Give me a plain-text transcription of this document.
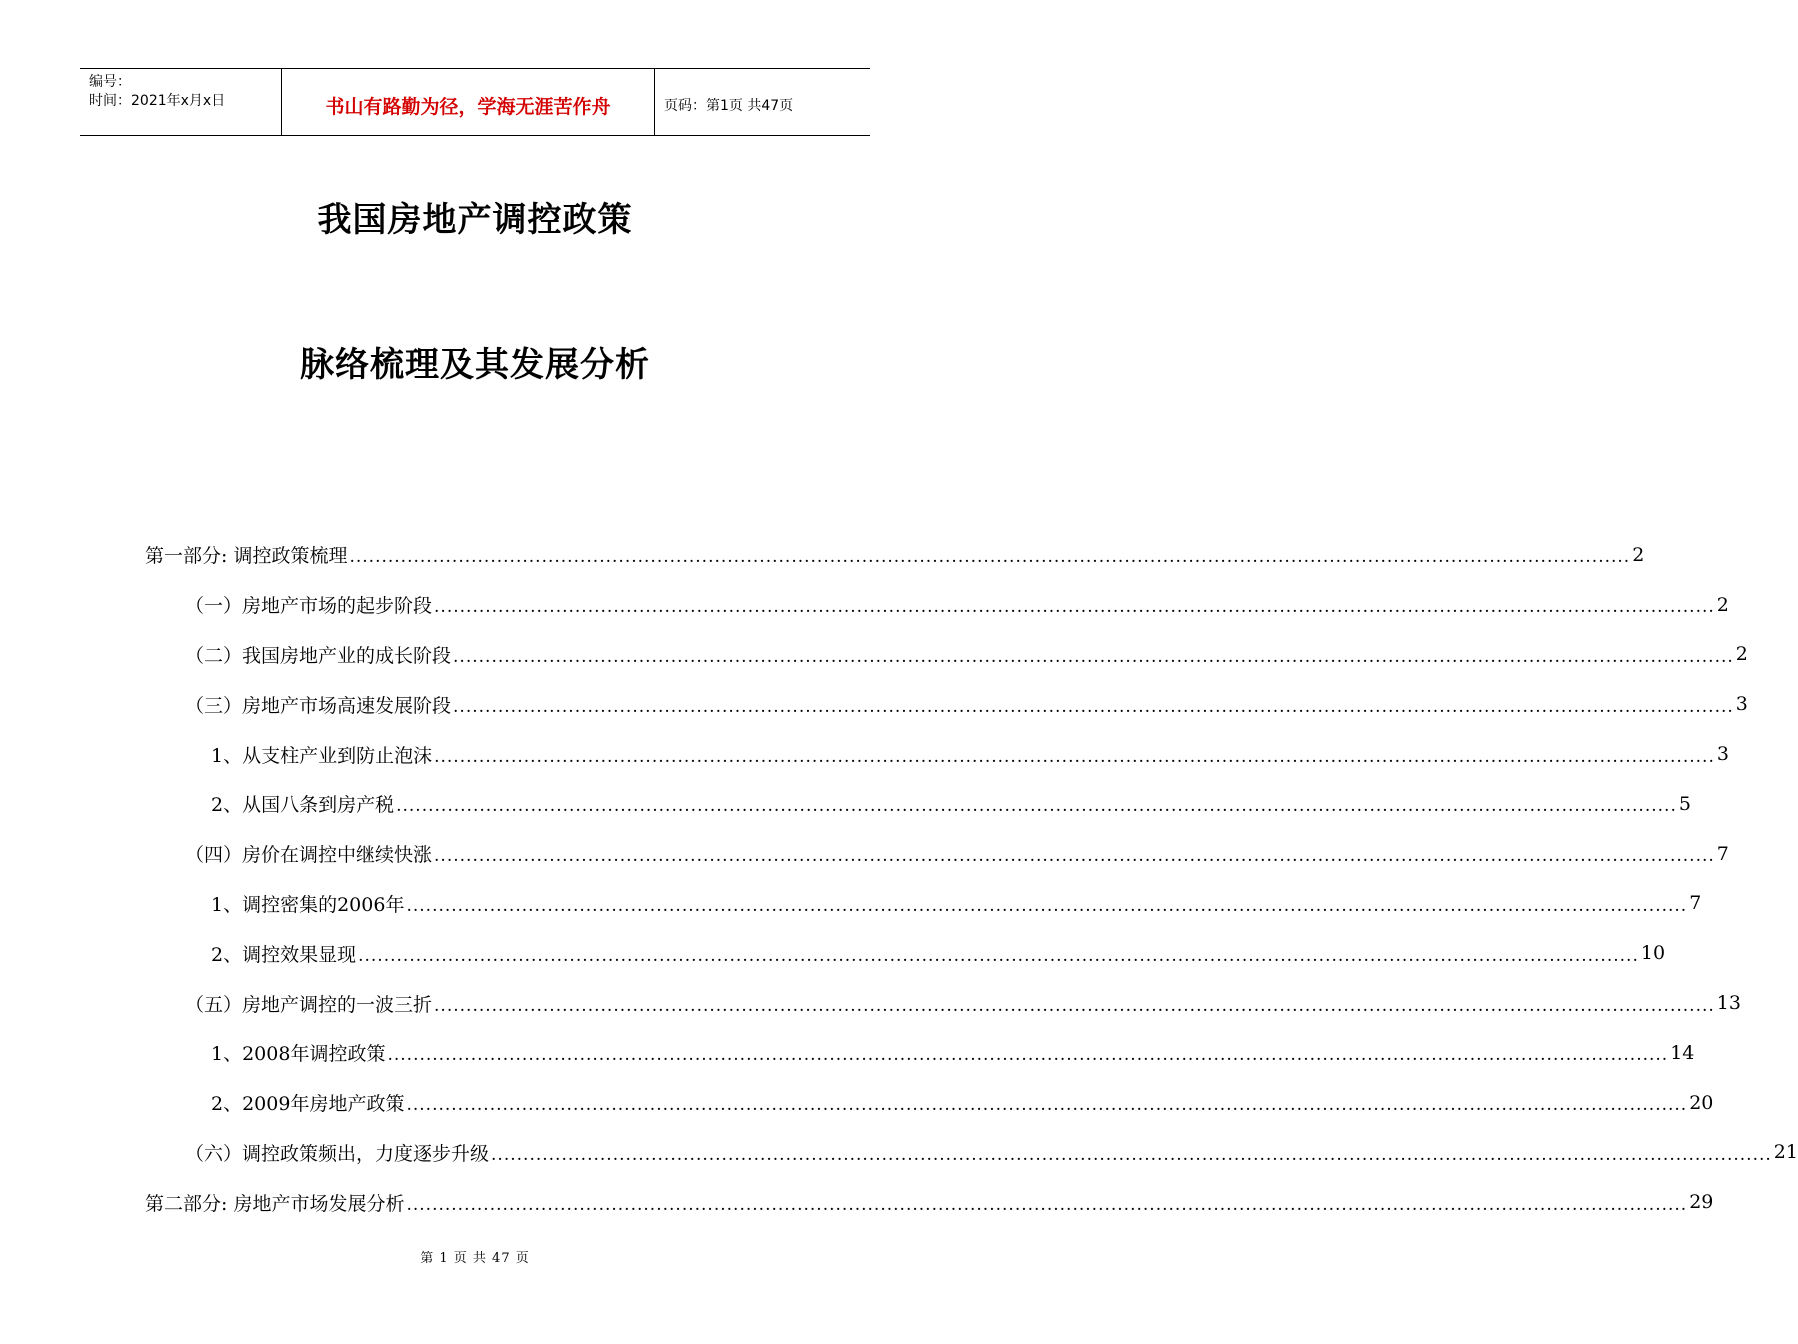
编号：
时间：2021年x月x日	书山有路勤为径，学海无涯苦作舟	页码：第1页 共47页
我国房地产调控政策
脉络梳理及其发展分析
第一部分: 调控政策梳理 ........................................................................................................................................................................................................ 2
（一）房地产市场的起步阶段 ........................................................................................................................................................................................................ 2
（二）我国房地产业的成长阶段 ........................................................................................................................................................................................................ 2
（三）房地产市场高速发展阶段 ........................................................................................................................................................................................................ 3
1、从支柱产业到防止泡沫 ........................................................................................................................................................................................................ 3
2、从国八条到房产税 ........................................................................................................................................................................................................ 5
（四）房价在调控中继续快涨 ........................................................................................................................................................................................................ 7
1、调控密集的2006年 ........................................................................................................................................................................................................ 7
2、调控效果显现 ........................................................................................................................................................................................................ 10
（五）房地产调控的一波三折 ........................................................................................................................................................................................................ 13
1、2008年调控政策 ........................................................................................................................................................................................................ 14
2、2009年房地产政策 ........................................................................................................................................................................................................ 20
（六）调控政策频出，力度逐步升级 ........................................................................................................................................................................................................ 21
第二部分: 房地产市场发展分析 ........................................................................................................................................................................................................ 29
第 1 页 共 47 页
